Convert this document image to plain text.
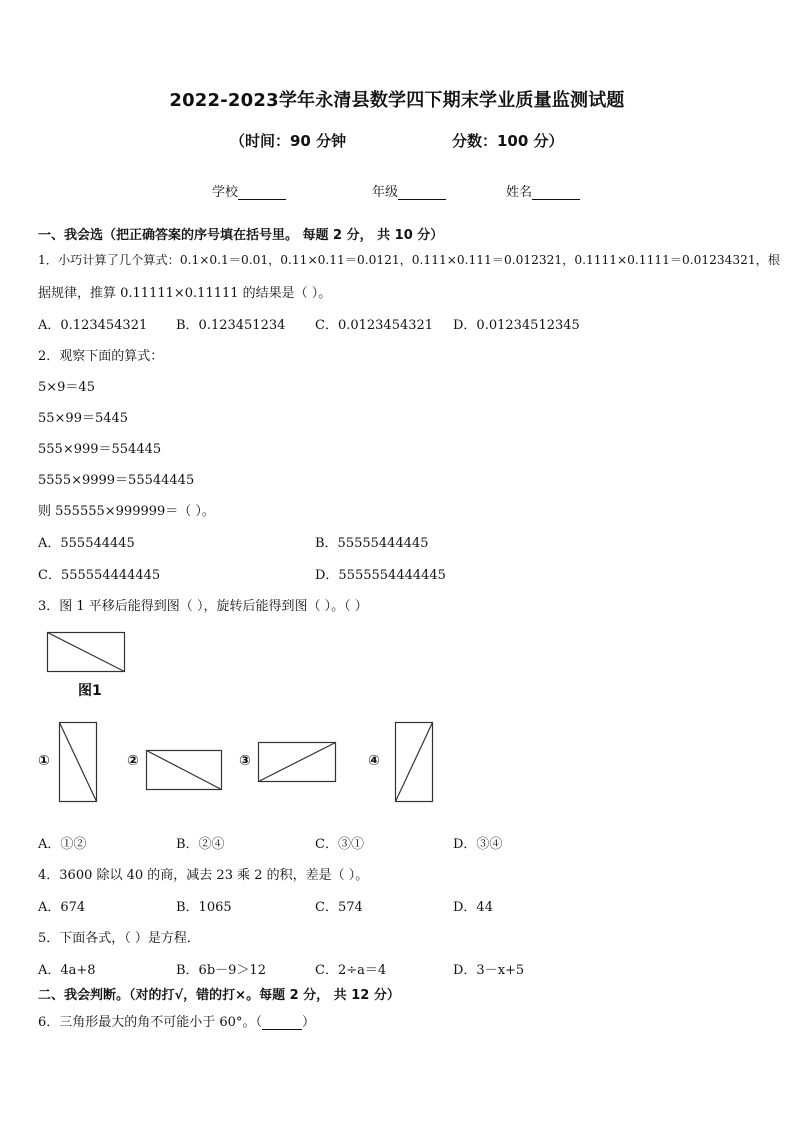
2022-2023学年永清县数学四下期末学业质量监测试题
（时间：90 分钟	分数：100 分）
学校	年级	姓名
一、我会选（把正确答案的序号填在括号里。 每题 2 分， 共 10 分）
1．小巧计算了几个算式：0.1×0.1＝0.01，0.11×0.11＝0.0121，0.111×0.111＝0.012321，0.1111×0.1111＝0.01234321，根
据规律，推算 0.11111×0.11111 的结果是（ ）。
A．0.123454321 B．0.123451234 C．0.0123454321 D．0.01234512345
2．观察下面的算式：
5×9＝45
55×99＝5445
555×999＝554445
5555×9999＝55544445
则 555555×999999＝（ ）。
A．555544445	B．55555444445
C．555554444445	D．5555554444445
3．图 1 平移后能得到图（ ），旋转后能得到图（ ）。（ ）
图1
①	②	③	④
A．①②	B．②④	C．③①	D．③④
4．3600 除以 40 的商，减去 23 乘 2 的积，差是（ ）。
A．674	B．1065	C．574	D．44
5．下面各式，（ ）是方程．
A．4a+8	B．6b－9＞12	C．2÷a＝4	D．3－x+5
二、我会判断。（对的打√，错的打×。每题 2 分， 共 12 分）
6．三角形最大的角不可能小于 60°。（	）
